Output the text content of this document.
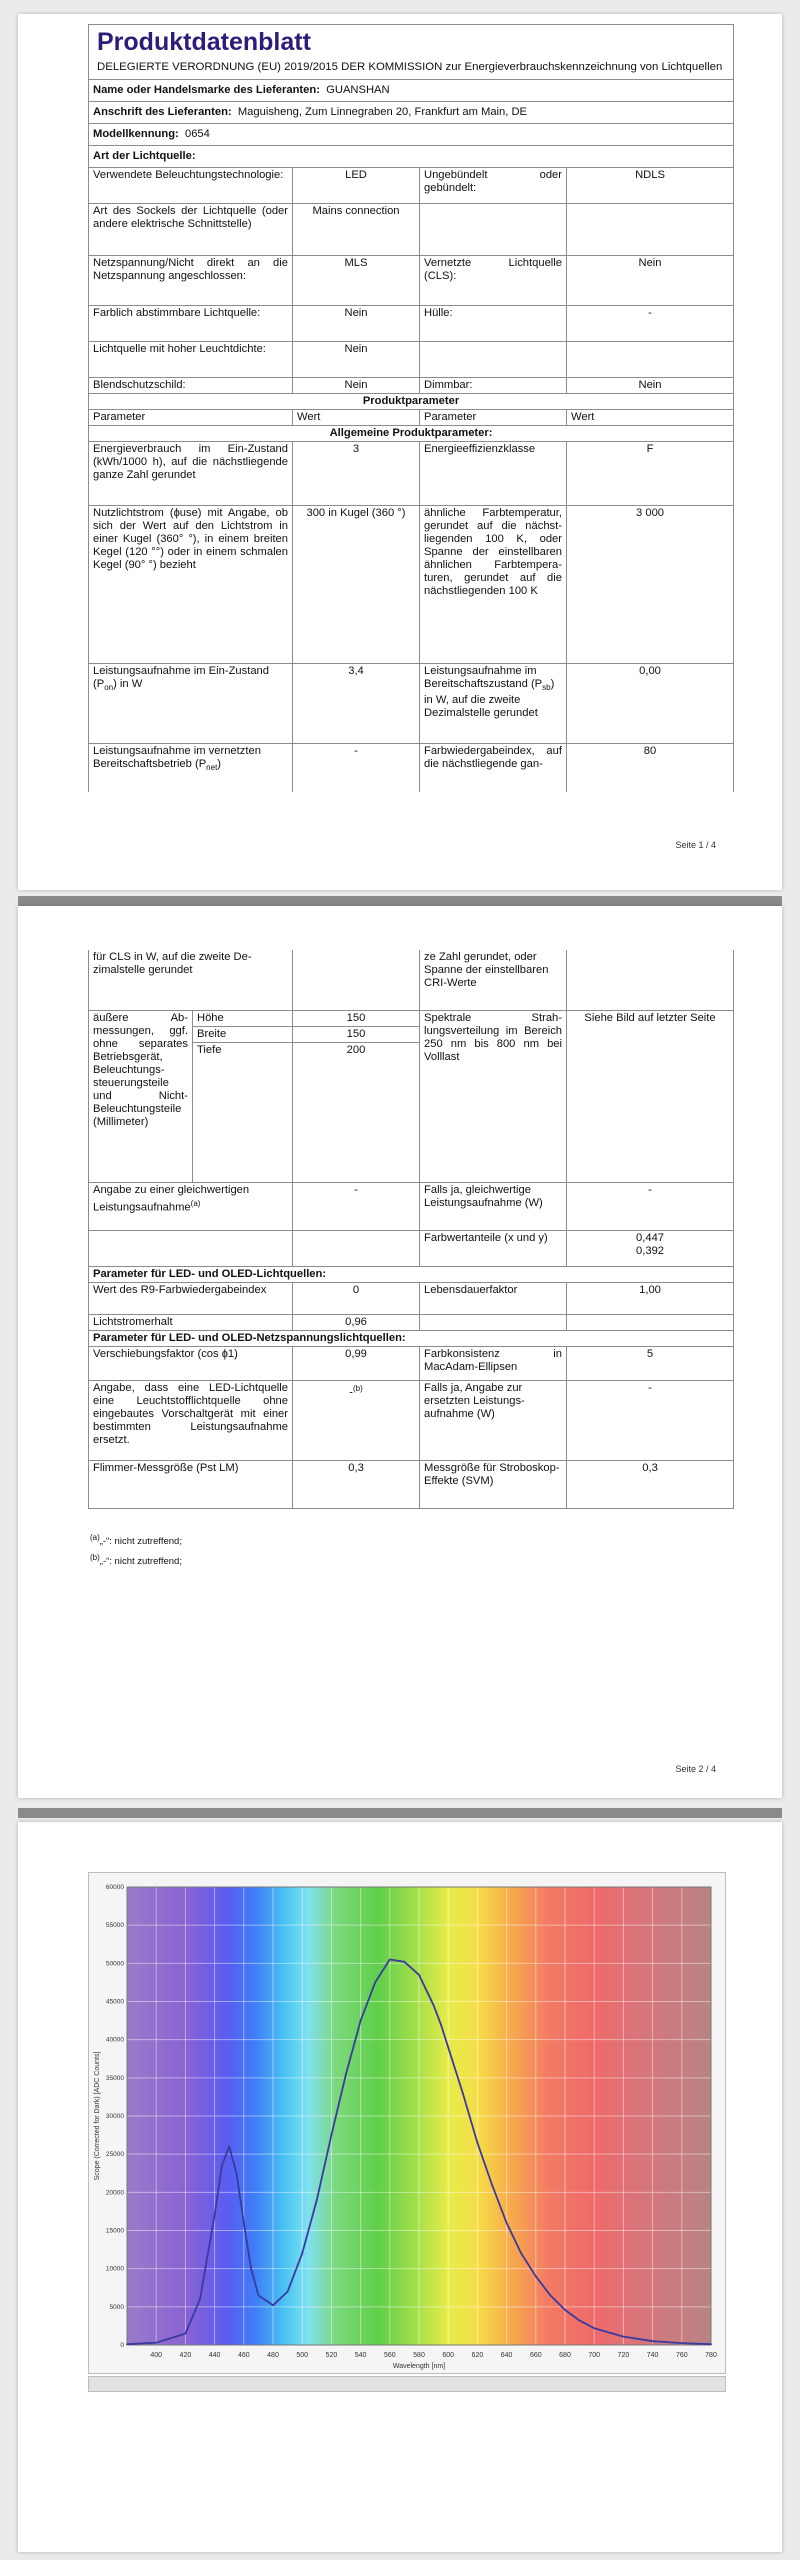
Produktdatenblatt			

DELEGIERTE VERORDNUNG (EU) 2019/2015 DER KOMMISSION zur Energieverbrauchskennzeichnung von Lichtquellen			

Name oder Handelsmarke des Lieferanten: GUANSHAN			
Anschrift des Lieferanten: Maguisheng, Zum Linnegraben 20, Frankfurt am Main, DE			
Modellkennung: 0654			
Art der Lichtquelle:			
Verwendete Beleuchtungstechnologie:	LED	Ungebündelt oder gebündelt:	NDLS
Art des Sockels der Lichtquelle (oder andere elektrische Schnittstelle)	Mains connection		
Netzspannung/Nicht direkt an die Netzspannung angeschlossen:	MLS	Vernetzte Lichtquelle (CLS):	Nein
Farblich abstimmbare Lichtquelle:	Nein	Hülle:	-
Lichtquelle mit hoher Leuchtdichte:	Nein		
Blendschutzschild:	Nein	Dimmbar:	Nein
Produktparameter			
Parameter	Wert	Parameter	Wert
Allgemeine Produktparameter:			
Energieverbrauch im Ein-Zustand (kWh/1000 h), auf die nächstliegende ganze Zahl gerundet	3	Energieeffizienzklasse	F
Nutzlichtstrom (ɸuse) mit Angabe, ob sich der Wert auf den Lichtstrom in einer Kugel (360° °), in einem breiten Kegel (120 °°) oder in einem schmalen Kegel (90° °) bezieht	300 in Kugel (360 °)	ähnliche Farbtemperatur, gerundet auf die nächstliegenden 100 K, oder Spanne der einstellbaren ähnlichen Farbtemperaturen, gerundet auf die nächstliegenden 100 K	3 000
Leistungsaufnahme im Ein-Zustand $(P_{on})$ in W	3,4	Leistungsaufnahme im Bereitschaftszustand $(P_{sb})$ in W, auf die zweite Dezimalstelle gerundet	0,00
Leistungsaufnahme im vernetzten Bereitschaftsbetrieb $(P_{net})$	-	Farbwiedergabeindex, auf die nächstliegende gan-	80
Seite 1 / 4
für CLS in W, auf die zweite Dezimalstelle gerundet			ze Zahl gerundet, oder Spanne der einstellbaren CRI-Werte	
äußere Abmessungen, ggf. ohne separates Betriebsgerät, Beleuchtungssteuerungsteile und Nicht-Beleuchtungsteile (Millimeter)	Höhe	150	Spektrale Strahlungsverteilung im Bereich 250 nm bis 800 nm bei Volllast	Siehe Bild auf letzter Seite
	Breite	150		
	Tiefe	200		
Angabe zu einer gleichwertigen Leistungsaufnahme$^{(a)}$		-	Falls ja, gleichwertige Leistungsaufnahme (W)	-
			Farbwertanteile (x und y)	0,447
0,392

Parameter für LED- und OLED-Lichtquellen:				
Wert des R9-Farbwiedergabeindex		0	Lebensdauerfaktor	1,00
Lichtstromerhalt		0,96		
Parameter für LED- und OLED-Netzspannungslichtquellen:				
Verschiebungsfaktor (cos ɸ1)		0,99	Farbkonsistenz in MacAdam-Ellipsen	5
Angabe, dass eine LED-Lichtquelle eine Leuchtstofflichtquelle ohne eingebautes Vorschaltgerät mit einer bestimmten Leistungsaufnahme ersetzt.		-$^{(b)}$	Falls ja, Angabe zur ersetzten Leistungsaufnahme (W)	-
Flimmer-Messgröße (Pst LM)		0,3	Messgröße für Stroboskop-Effekte (SVM)	0,3
$^{(a)}$„-“: nicht zutreffend;
$^{(b)}$„-“: nicht zutreffend;
Seite 2 / 4
400	420	440	460	480	500	520	540	560	580	600	620	640	660	680	700	720	740	760	780
0
5000
10000
15000
20000
25000
30000
35000
40000
45000
50000
55000
60000
Wavelength [nm]
Scope (Corrected for Dark) [ADC Counts]
